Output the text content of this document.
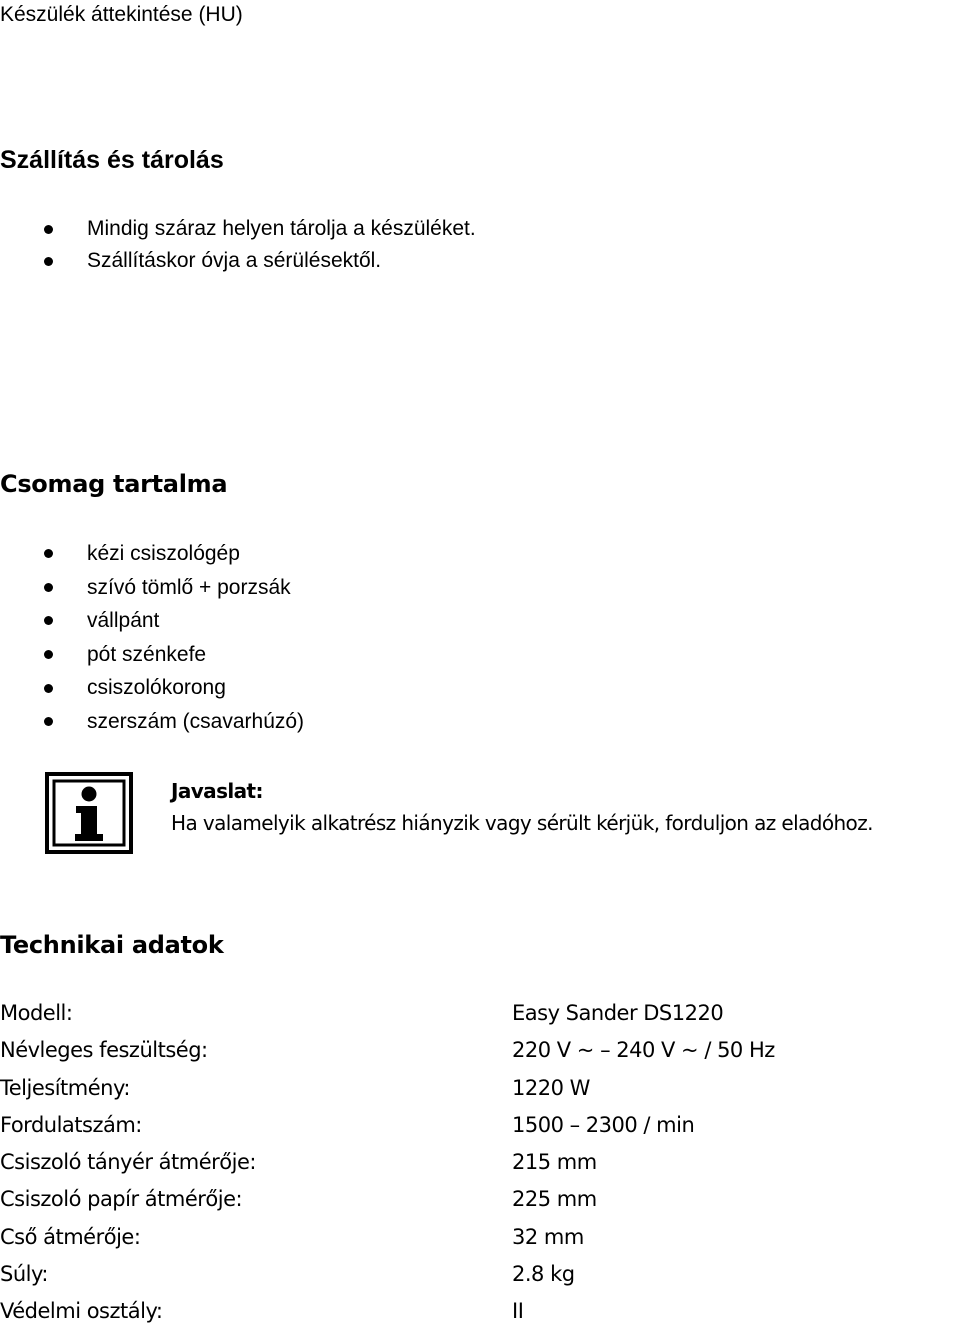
Készülék áttekintése (HU)
Szállítás és tárolás
Mindig száraz helyen tárolja a készüléket.
Szállításkor óvja a sérülésektől.
Csomag tartalma
kézi csiszológép
szívó tömlő + porzsák
vállpánt
pót szénkefe
csiszolókorong
szerszám (csavarhúzó)
Javaslat:
Ha valamelyik alkatrész hiányzik vagy sérült kérjük, forduljon az eladóhoz.
Technikai adatok
Modell:	Easy Sander DS1220
Névleges feszültség:	220 V ~ – 240 V ~ / 50 Hz
Teljesítmény:	1220 W
Fordulatszám:	1500 – 2300 / min
Csiszoló tányér átmérője:	215 mm
Csiszoló papír átmérője:	225 mm
Cső átmérője:	32 mm
Súly:	2.8 kg
Védelmi osztály:	II
